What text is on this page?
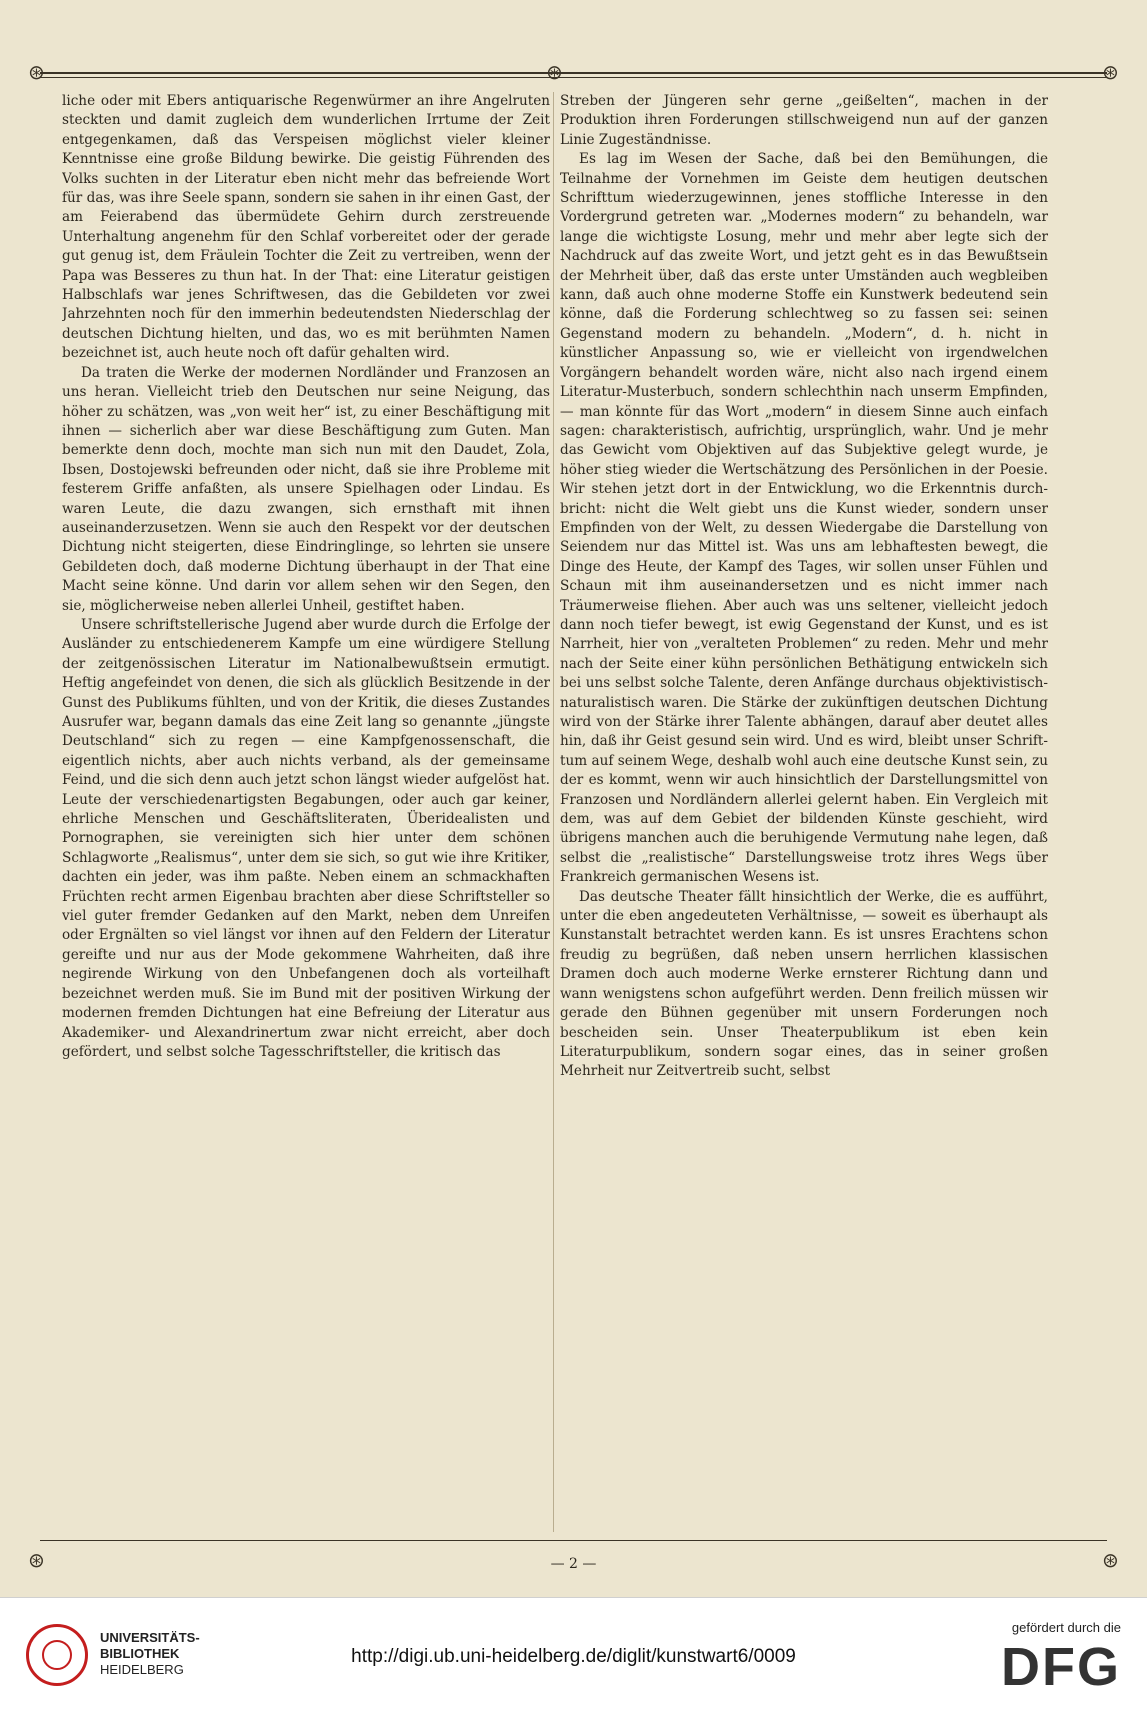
⊛	⊛
⊛

liche oder mit Ebers antiquarische Regenwürmer an ihre Angelruten steckten und damit zugleich dem wunderlichen Irrtume der Zeit entgegenkamen, daß das Verspeisen möglichst vieler kleiner Kenntnisse eine große Bildung bewirke. Die geistig Führenden des Volks suchten in der Literatur eben nicht mehr das befreiende Wort für das, was ihre Seele spann, sondern sie sahen in ihr einen Gast, der am Feierabend das übermüdete Gehirn durch zerstreuende Unterhaltung angenehm für den Schlaf vorbereitet oder der gerade gut genug ist, dem Fräulein Tochter die Zeit zu vertreiben, wenn der Papa was Besseres zu thun hat. In der That: eine Literatur geistigen Halbschlafs war jenes Schriftwesen, das die Gebildeten vor zwei Jahrzehnten noch für den immerhin bedeutendsten Niederschlag der deutschen Dichtung hielten, und das, wo es mit berühmten Namen bezeichnet ist, auch heute noch oft dafür gehalten wird.

Da traten die Werke der modernen Nordländer und Franzosen an uns heran. Vielleicht trieb den Deutschen nur seine Neigung, das höher zu schätzen, was „von weit her“ ist, zu einer Beschäftigung mit ihnen — sicherlich aber war diese Beschäftigung zum Guten. Man bemerkte denn doch, mochte man sich nun mit den Daudet, Zola, Ibsen, Dostojewski befreunden oder nicht, daß sie ihre Probleme mit festerem Griffe anfaßten, als unsere Spielhagen oder Lindau. Es waren Leute, die dazu zwangen, sich ernsthaft mit ihnen auseinanderzusetzen. Wenn sie auch den Respekt vor der deutschen Dichtung nicht steigerten, diese Eindringlinge, so lehrten sie unsere Gebildeten doch, daß moderne Dichtung überhaupt in der That eine Macht seine könne. Und darin vor allem sehen wir den Segen, den sie, möglicherweise neben allerlei Unheil, gestiftet haben.

Unsere schriftstellerische Jugend aber wurde durch die Erfolge der Ausländer zu entschiedenerem Kampfe um eine würdigere Stellung der zeitgenössischen Literatur im Nationalbewußtsein ermutigt. Heftig angefeindet von denen, die sich als glücklich Besitzende in der Gunst des Publikums fühlten, und von der Kritik, die dieses Zustandes Ausrufer war, begann damals das eine Zeit lang so genannte „jüngste Deutschland“ sich zu regen — eine Kampfgenossenschaft, die eigentlich nichts, aber auch nichts verband, als der gemeinsame Feind, und die sich denn auch jetzt schon längst wieder aufgelöst hat. Leute der verschiedenartigsten Begabungen, oder auch gar keiner, ehrliche Menschen und Geschäftsliteraten, Überidealisten und Pornographen, sie vereinigten sich hier unter dem schönen Schlagworte „Realismus“, unter dem sie sich, so gut wie ihre Kritiker, dachten ein jeder, was ihm paßte. Neben einem an schmackhaften Früchten recht armen Eigenbau brachten aber diese Schriftsteller so viel guter fremder Gedanken auf den Markt, neben dem Unreifen oder Ergnälten so viel längst vor ihnen auf den Feldern der Literatur gereifte und nur aus der Mode gekommene Wahrheiten, daß ihre negirende Wirkung von den Unbefangenen doch als vorteilhaft bezeichnet werden muß. Sie im Bund mit der positiven Wirkung der modernen fremden Dichtungen hat eine Befreiung der Literatur aus Akademiker- und Alexandrinertum zwar nicht erreicht, aber doch gefördert, und selbst solche Tagesschriftsteller, die kritisch das

Streben der Jüngeren sehr gerne „geißelten“, machen in der Produktion ihren Forderungen stillschweigend nun auf der ganzen Linie Zugeständnisse.

Es lag im Wesen der Sache, daß bei den Bemühungen, die Teilnahme der Vornehmen im Geiste dem heutigen deutschen Schrifttum wiederzugewinnen, jenes stoffliche Interesse in den Vordergrund getreten war. „Modernes modern“ zu behandeln, war lange die wichtigste Losung, mehr und mehr aber legte sich der Nachdruck auf das zweite Wort, und jetzt geht es in das Bewußtsein der Mehrheit über, daß das erste unter Umständen auch wegbleiben kann, daß auch ohne moderne Stoffe ein Kunstwerk bedeutend sein könne, daß die Forderung schlechtweg so zu fassen sei: seinen Gegenstand modern zu behandeln. „Modern“, d. h. nicht in künstlicher Anpassung so, wie er vielleicht von irgendwelchen Vorgängern behandelt worden wäre, nicht also nach irgend einem Literatur-Musterbuch, sondern schlechthin nach unserm Empfinden, — man könnte für das Wort „modern“ in diesem Sinne auch einfach sagen: charakteristisch, aufrichtig, ursprünglich, wahr. Und je mehr das Gewicht vom Objektiven auf das Subjektive gelegt wurde, je höher stieg wieder die Wertschätzung des Persönlichen in der Poesie. Wir stehen jetzt dort in der Entwicklung, wo die Erkenntnis durchbricht: nicht die Welt giebt uns die Kunst wieder, sondern unser Empfinden von der Welt, zu dessen Wiedergabe die Darstellung von Seiendem nur das Mittel ist. Was uns am lebhaftesten bewegt, die Dinge des Heute, der Kampf des Tages, wir sollen unser Fühlen und Schaun mit ihm auseinandersetzen und es nicht immer nach Träumerweise fliehen. Aber auch was uns seltener, vielleicht jedoch dann noch tiefer bewegt, ist ewig Gegenstand der Kunst, und es ist Narrheit, hier von „veralteten Problemen“ zu reden. Mehr und mehr nach der Seite einer kühn persönlichen Bethätigung entwickeln sich bei uns selbst solche Talente, deren Anfänge durchaus objektivistischnaturalistisch waren. Die Stärke der zukünftigen deutschen Dichtung wird von der Stärke ihrer Talente abhängen, darauf aber deutet alles hin, daß ihr Geist gesund sein wird. Und es wird, bleibt unser Schrifttum auf seinem Wege, deshalb wohl auch eine deutsche Kunst sein, zu der es kommt, wenn wir auch hinsichtlich der Darstellungsmittel von Franzosen und Nordländern allerlei gelernt haben. Ein Vergleich mit dem, was auf dem Gebiet der bildenden Künste geschieht, wird übrigens manchen auch die beruhigende Vermutung nahe legen, daß selbst die „realistische“ Darstellungsweise trotz ihres Wegs über Frankreich germanischen Wesens ist.

Das deutsche Theater fällt hinsichtlich der Werke, die es aufführt, unter die eben angedeuteten Verhältnisse, — soweit es überhaupt als Kunstanstalt betrachtet werden kann. Es ist unsres Erachtens schon freudig zu begrüßen, daß neben unsern herrlichen klassischen Dramen doch auch moderne Werke ernsterer Richtung dann und wann wenigstens schon aufgeführt werden. Denn freilich müssen wir gerade den Bühnen gegenüber mit unsern Forderungen noch bescheiden sein. Unser Theaterpublikum ist eben kein Literaturpublikum, sondern sogar eines, das in seiner großen Mehrheit nur Zeitvertreib sucht, selbst

— 2 —
⊛	⊛
UNIVERSITÄTS-
BIBLIOTHEK
HEIDELBERG
http://digi.ub.uni-heidelberg.de/diglit/kunstwart6/0009
gefördert durch die
DFG
